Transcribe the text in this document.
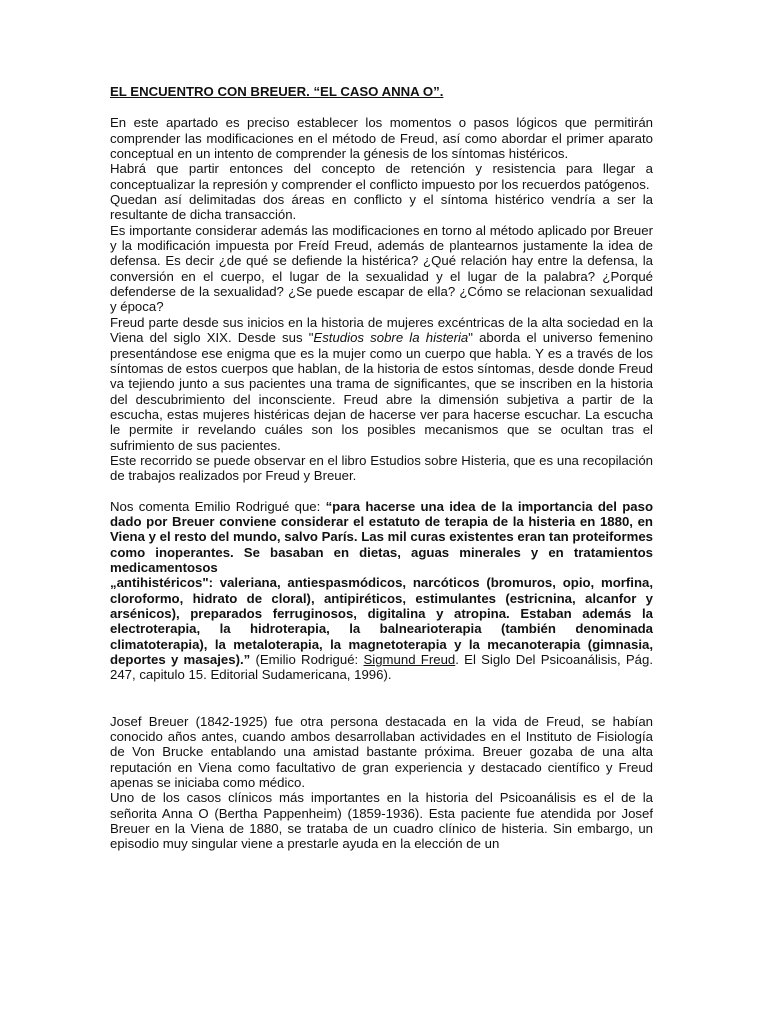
EL ENCUENTRO CON BREUER. “EL CASO ANNA O”.

En este apartado es preciso establecer los momentos o pasos lógicos que permitirán comprender las modificaciones en el método de Freud, así como abordar el primer aparato conceptual en un intento de comprender la génesis de los síntomas histéricos.

Habrá que partir entonces del concepto de retención y resistencia para llegar a conceptualizar la represión y comprender el conflicto impuesto por los recuerdos patógenos.

Quedan así delimitadas dos áreas en conflicto y el síntoma histérico vendría a ser la resultante de dicha transacción.

Es importante considerar además las modificaciones en torno al método aplicado por Breuer y la modificación impuesta por Freíd Freud, además de plantearnos justamente la idea de defensa. Es decir ¿de qué se defiende la histérica? ¿Qué relación hay entre la defensa, la conversión en el cuerpo, el lugar de la sexualidad y el lugar de la palabra? ¿Porqué defenderse de la sexualidad? ¿Se puede escapar de ella? ¿Cómo se relacionan sexualidad y época?

Freud parte desde sus inicios en la historia de mujeres excéntricas de la alta sociedad en la Viena del siglo XIX. Desde sus "Estudios sobre la histeria" aborda el universo femenino presentándose ese enigma que es la mujer como un cuerpo que habla. Y es a través de los síntomas de estos cuerpos que hablan, de la historia de estos síntomas, desde donde Freud va tejiendo junto a sus pacientes una trama de significantes, que se inscriben en la historia del descubrimiento del inconsciente. Freud abre la dimensión subjetiva a partir de la escucha, estas mujeres histéricas dejan de hacerse ver para hacerse escuchar. La escucha le permite ir revelando cuáles son los posibles mecanismos que se ocultan tras el sufrimiento de sus pacientes.

Este recorrido se puede observar en el libro Estudios sobre Histeria, que es una recopilación de trabajos realizados por Freud y Breuer.

Nos comenta Emilio Rodrigué que: “para hacerse una idea de la importancia del paso dado por Breuer conviene considerar el estatuto de terapia de la histeria en 1880, en Viena y el resto del mundo, salvo París. Las mil curas existentes eran tan proteiformes como inoperantes. Se basaban en dietas, aguas minerales y en tratamientos medicamentosos

„antihistéricos": valeriana, antiespasmódicos, narcóticos (bromuros, opio, morfina, cloroformo, hidrato de cloral), antipiréticos, estimulantes (estricnina, alcanfor y arsénicos), preparados ferruginosos, digitalina y atropina. Estaban además la electroterapia, la hidroterapia, la balnearioterapia (también denominada climatoterapia), la metaloterapia, la magnetoterapia y la mecanoterapia (gimnasia, deportes y masajes).” (Emilio Rodrigué: Sigmund Freud. El Siglo Del Psicoanálisis, Pág. 247, capitulo 15. Editorial Sudamericana, 1996).

Josef Breuer (1842-1925) fue otra persona destacada en la vida de Freud, se habían conocido años antes, cuando ambos desarrollaban actividades en el Instituto de Fisiología de Von Brucke entablando una amistad bastante próxima. Breuer gozaba de una alta reputación en Viena como facultativo de gran experiencia y destacado científico y Freud apenas se iniciaba como médico.

Uno de los casos clínicos más importantes en la historia del Psicoanálisis es el de la señorita Anna O (Bertha Pappenheim) (1859-1936). Esta paciente fue atendida por Josef Breuer en la Viena de 1880, se trataba de un cuadro clínico de histeria. Sin embargo, un episodio muy singular viene a prestarle ayuda en la elección de un
